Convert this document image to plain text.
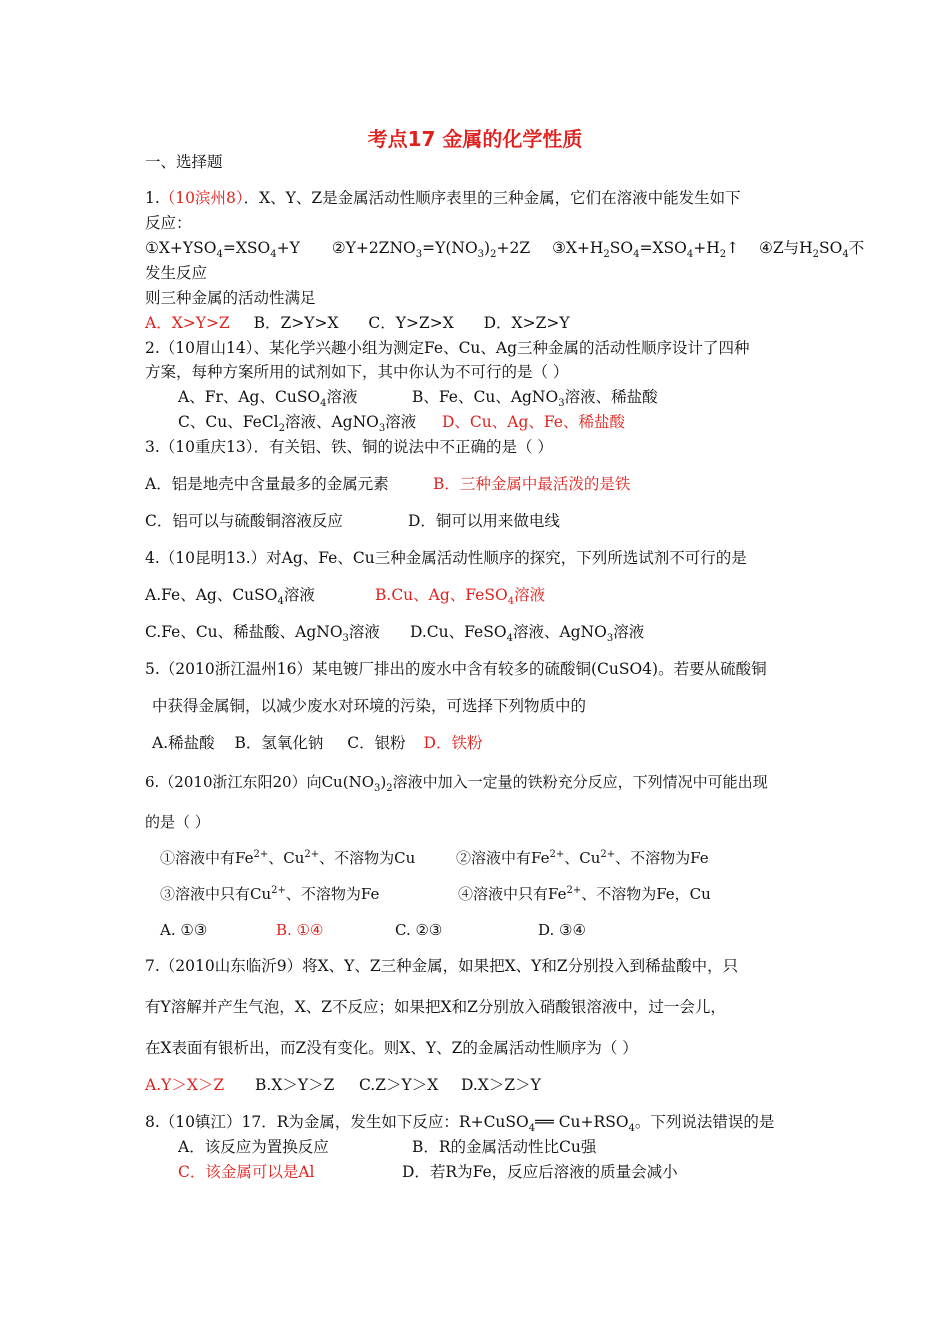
考点17 金属的化学性质
一、选择题
1.（10滨州8）．X、Y、Z是金属活动性顺序表里的三种金属，它们在溶液中能发生如下
反应：
$①X+YSO_4=XSO_4+Y$ $②Y+2ZNO_3=Y(NO_3)_2+2Z$ $③X+H_2SO_4=XSO_4+H_2↑$ ④Z与$H_2SO_4$不
发生反应
则三种金属的活动性满足
A．X>Y>Z B．Z>Y>X C．Y>Z>X D．X>Z>Y
2.（10眉山14）、某化学兴趣小组为测定Fe、Cu、Ag三种金属的活动性顺序设计了四种
方案，每种方案所用的试剂如下，其中你认为不可行的是（ ）
A、Fr、Ag、CuSO$_4$溶液	B、Fe、Cu、AgNO$_3$溶液、稀盐酸
C、Cu、FeCl$_2$溶液、AgNO$_3$溶液 D、Cu、Ag、Fe、稀盐酸
3.（10重庆13）．有关铝、铁、铜的说法中不正确的是（ ）
A．铝是地壳中含量最多的金属元素	B．三种金属中最活泼的是铁
C．铝可以与硫酸铜溶液反应	D．铜可以用来做电线
4.（10昆明13.）对Ag、Fe、Cu三种金属活动性顺序的探究，下列所选试剂不可行的是
A.Fe、Ag、CuSO$_4$溶液	B.Cu、Ag、FeSO$_4$溶液
C.Fe、Cu、稀盐酸、AgNO$_3$溶液 D.Cu、FeSO$_4$溶液、AgNO$_3$溶液
5.（2010浙江温州16）某电镀厂排出的废水中含有较多的硫酸铜(CuSO4)。若要从硫酸铜
中获得金属铜，以减少废水对环境的污染，可选择下列物质中的
A.稀盐酸 B．氢氧化钠 C．银粉 D．铁粉
6.（2010浙江东阳20）向$Cu(NO_3)_2$溶液中加入一定量的铁粉充分反应，下列情况中可能出现
的是（ ）
①溶液中有$Fe^{2+}$、$Cu^{2+}$、不溶物为Cu	②溶液中有$Fe^{2+}$、$Cu^{2+}$、不溶物为Fe
③溶液中只有$Cu^{2+}$、不溶物为Fe	④溶液中只有$Fe^{2+}$、不溶物为Fe，Cu
A. ①③	B. ①④	C. ②③	D. ③④
7.（2010山东临沂9）将X、Y、Z三种金属，如果把X、Y和Z分别投入到稀盐酸中，只
有Y溶解并产生气泡，X、Z不反应；如果把X和Z分别放入硝酸银溶液中，过一会儿，
在X表面有银析出，而Z没有变化。则X、Y、Z的金属活动性顺序为（ ）
A.Y＞X＞Z B.X＞Y＞Z C.Z＞Y＞X D.X＞Z＞Y
8.（10镇江）17．R为金属，发生如下反应：R+CuSO$_4$══ $Cu+RSO_4$。下列说法错误的是
A．该反应为置换反应	B．R的金属活动性比Cu强
C．该金属可以是Al	D．若R为Fe，反应后溶液的质量会减小
